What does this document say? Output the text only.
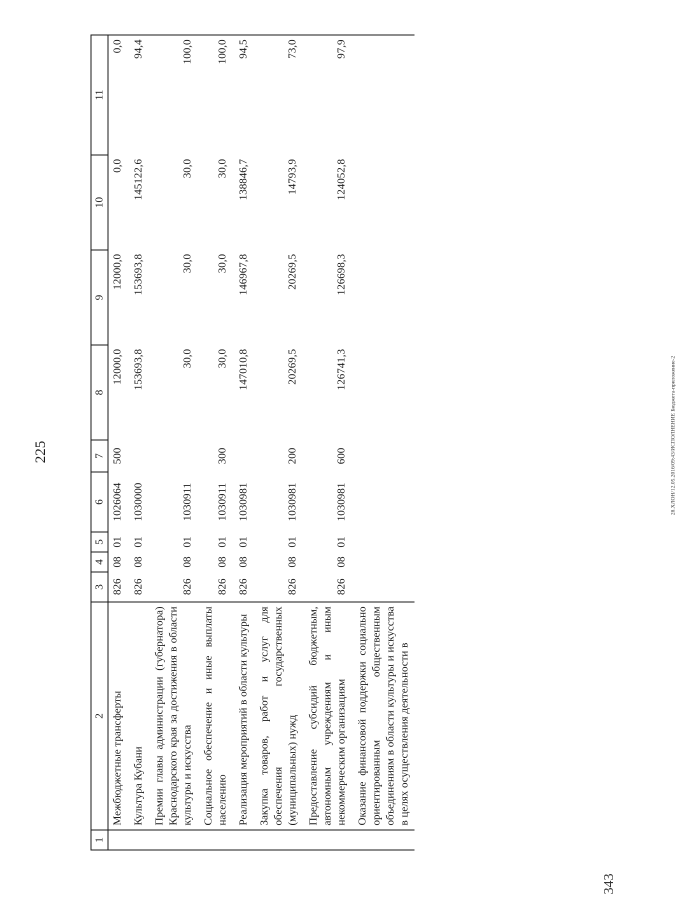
225	28.ХЛОН/12.05.2016/09:43/ИСПОЛНЕНИЕ Бюджета-приложение-2
343
1	2	3	4	5	6	7	8	9	10	11
	Межбюджетные трансферты	826	08	01	1026064	500	12000,0	12000,0	0,0	0,0
	Культура Кубани	826	08	01	1030000		153693,8	153693,8	145122,6	94,4
	Премии главы администрации (губернатора) Краснодарского края за достижения в области культуры и искусства	826	08	01	1030911		30,0	30,0	30,0	100,0
	Социальное обеспечение и иные выплаты населению	826	08	01	1030911	300	30,0	30,0	30,0	100,0
	Реализация мероприятий в области культуры	826	08	01	1030981		147010,8	146967,8	138846,7	94,5
	Закупка товаров, работ и услуг для обеспечения государственных (муниципальных) нужд	826	08	01	1030981	200	20269,5	20269,5	14793,9	73,0
	Предоставление субсидий бюджетным, автономным учреждениям и иным некоммерческим организациям	826	08	01	1030981	600	126741,3	126698,3	124052,8	97,9
	Оказание финансовой поддержки социально ориентированным общественным объединениям в области культуры и искусства в целях осуществления деятельности в									
